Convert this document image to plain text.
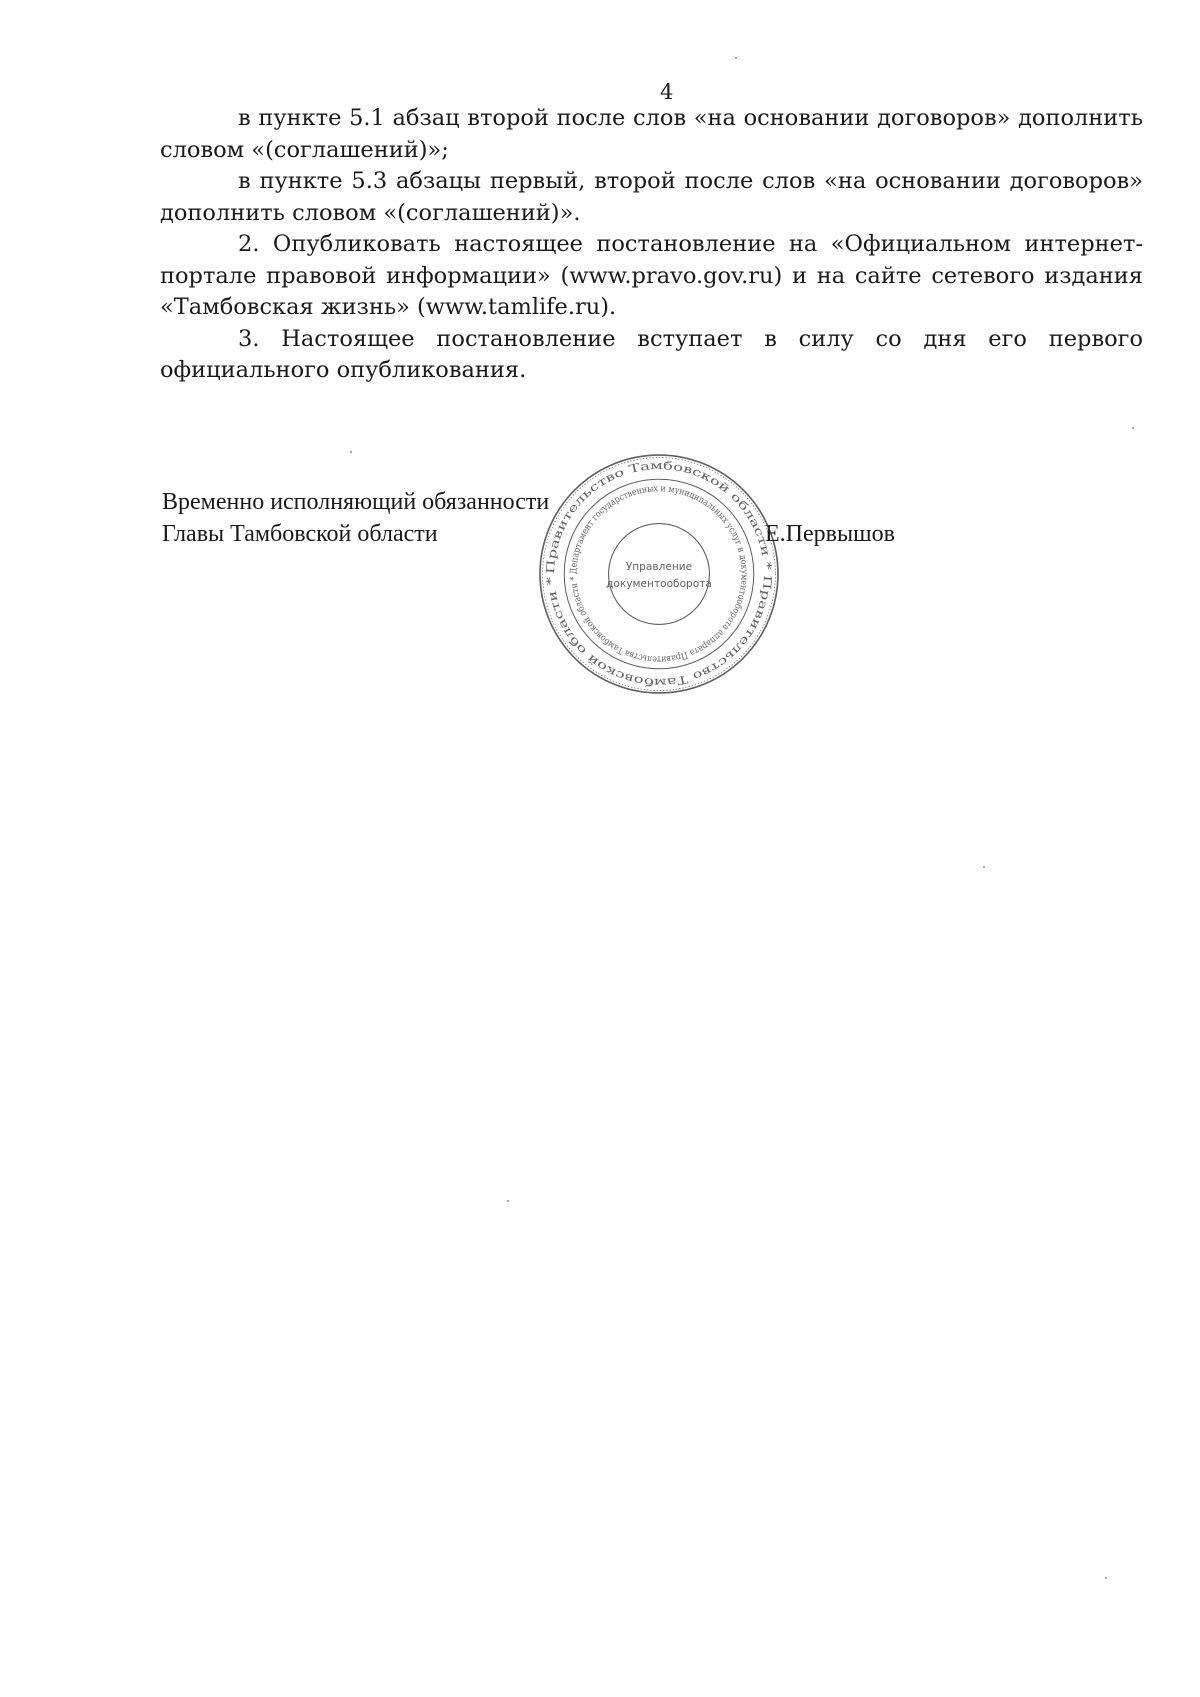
4

в пункте 5.1 абзац второй после слов «на основании договоров» дополнить словом «(соглашений)»;

в пункте 5.3 абзацы первый, второй после слов «на основании договоров» дополнить словом «(соглашений)».

2. Опубликовать настоящее постановление на «Официальном интернет-портале правовой информации» (www.pravo.gov.ru) и на сайте сетевого издания «Тамбовская жизнь» (www.tamlife.ru).

3. Настоящее постановление вступает в силу со дня его первого официального опубликования.

Временно исполняющий обязанности
Главы Тамбовской области	Е.Первышов
Правительство Тамбовской области * Правительство Тамбовской области *
Департамент государственных и муниципальных услуг и документооборота аппарата Правительства Тамбовской области *
Управление
документооборота
